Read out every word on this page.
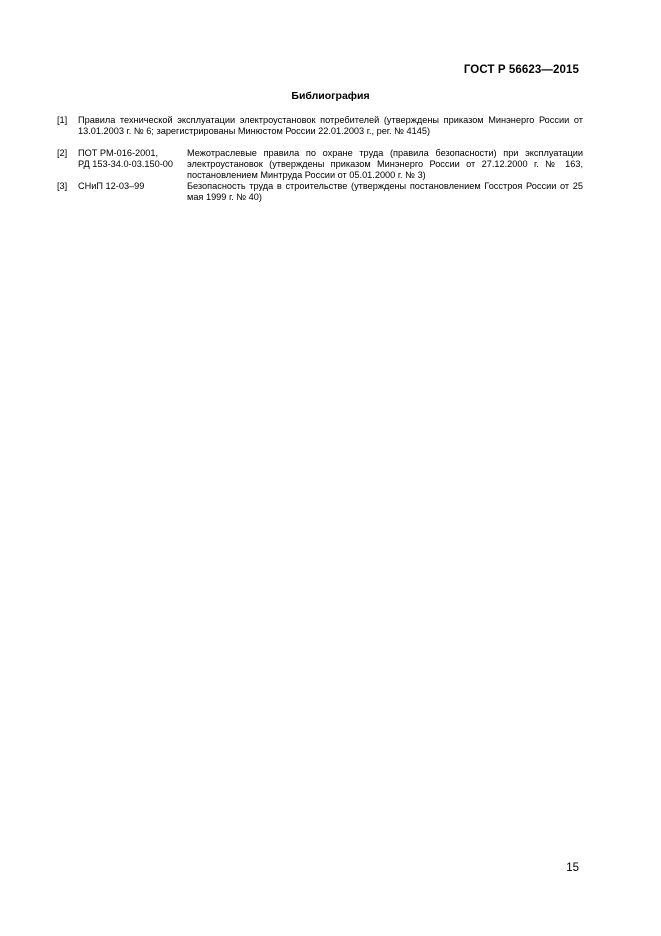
ГОСТ Р 56623—2015
Библиография
[1] Правила технической эксплуатации электроустановок потребителей (утверждены приказом Минэнерго России от 13.01.2003 г. № 6; зарегистрированы Минюстом России 22.01.2003 г., рег. № 4145)
[2] ПОТ РМ-016-2001,
РД 153-34.0-03.150-00
Межотраслевые правила по охране труда (правила безопасности) при эксплуатации электроустановок (утверждены приказом Минэнерго России от 27.12.2000 г. № 163, постановлением Минтруда России от 05.01.2000 г. № 3)
[3] СНиП 12-03–99	Безопасность труда в строительстве (утверждены постановлением Госстроя России от 25 мая 1999 г. № 40)
15
